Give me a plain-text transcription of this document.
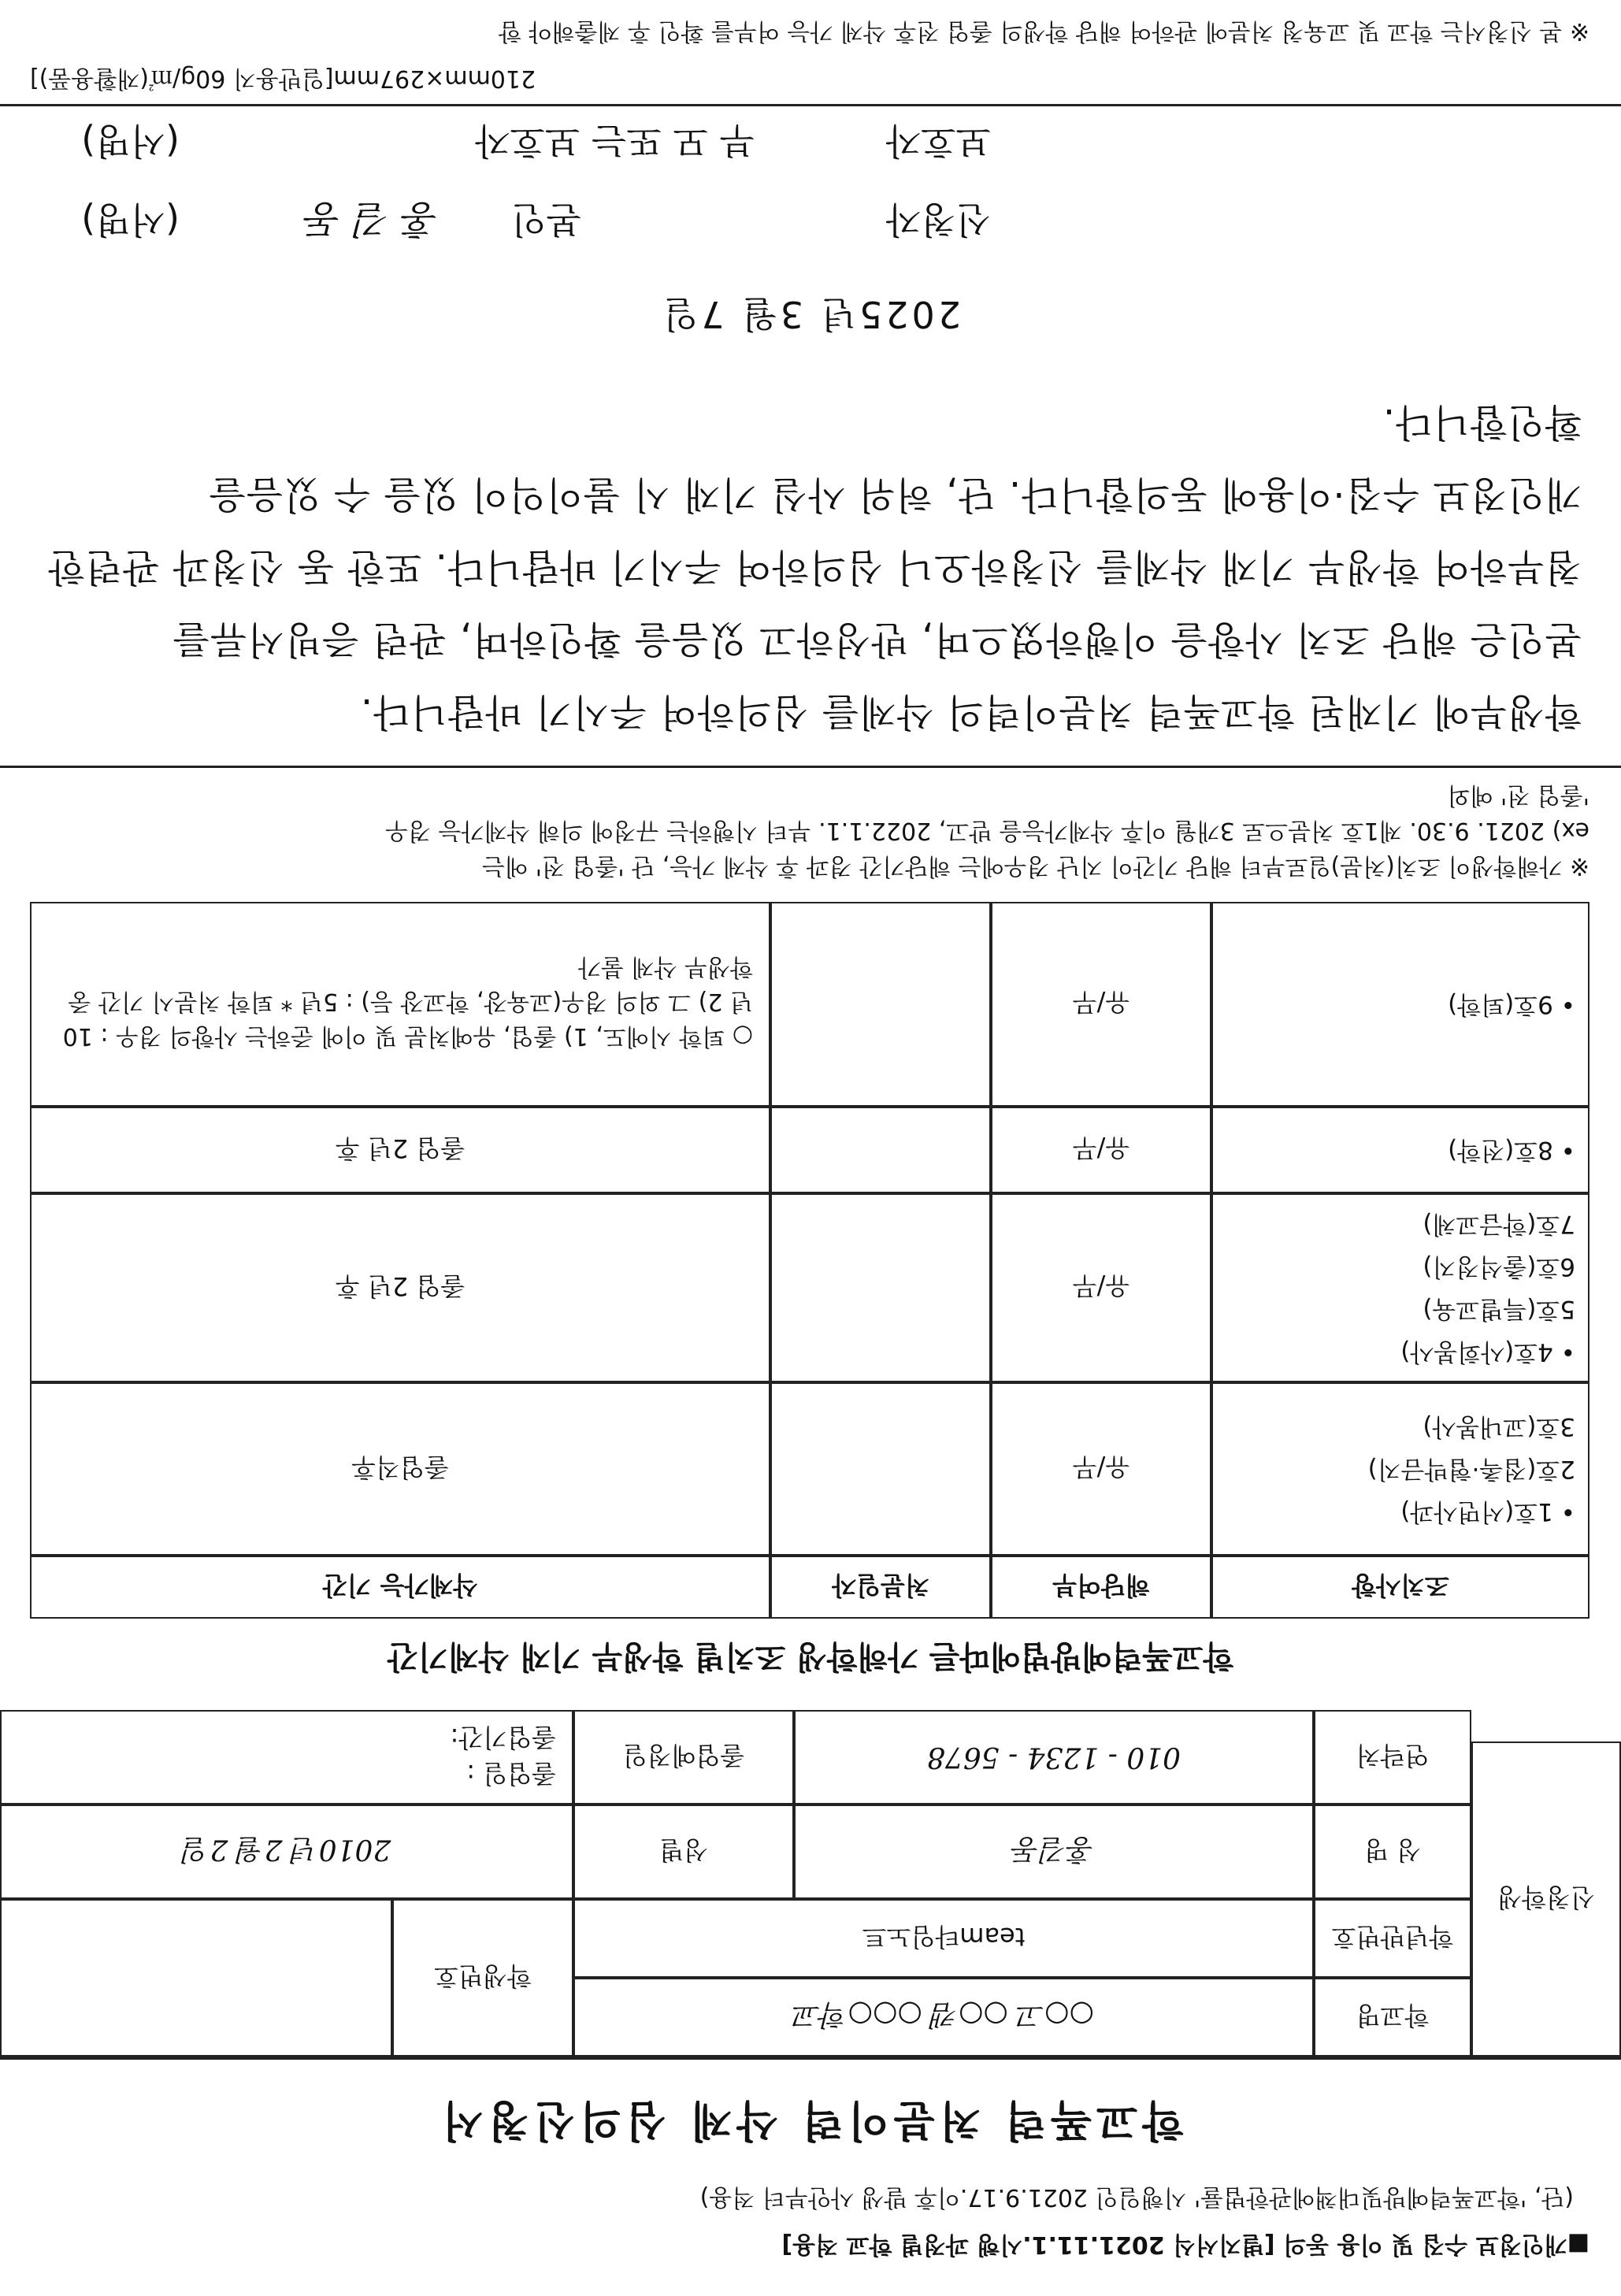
■개인정보 수집 및 이용 동의 [별지서식 2021.11.1.시행 과정별 학교 적용]
(단, '학교폭력예방및대책에관한법률' 시행일인 2021.9.17.이후 발생 사안부터 적용)
학교폭력 처분이력 삭제 심의신청서
신청학생
학교명
○○고 ○○캠 ○○○학교
학생번호
학년반번호
team타임노트
성 명
홍길동
성별
2010년 2월 2일
연락처
010 - 1234 - 5678
졸업예정일
졸업일 :
졸업기간:
학교폭력예방법에따른 가해학생 조치별 학생부 기재 삭제기간
조치사항
해당여부
처분일자
삭제가능 기간
• 1호(서면사과)
2호(접촉·협박금지)
3호(교내봉사)
유/무
졸업직후
• 4호(사회봉사)
5호(특별교육)
6호(출석정지)
7호(학급교체)
유/무
졸업 2년 후
• 8호(전학)
유/무
졸업 2년 후
• 9호(퇴학)
유/무
○ 퇴학 시에도, 1) 졸업, 유예처분 및 이에 준하는 사항의 경우 : 10년 2) 그 외의 경우(교육장, 학교장 등) : 5년 * 퇴학 처분시 기간 중 학생부 삭제 불가
※ 가해학생이 조치(처분)일로부터 해당 기간이 지난 경우에는 해당기간 경과 후 삭제 가능, 단 '졸업 전' 에는
ex) 2021. 9.30. 제1호 처분으로 3개월 이후 삭제가능을 받고, 2022.1.1. 부터 시행하는 규정에 의해 삭제가능 경우
'졸업 전' 예외
학생부에 기재된 학교폭력 처분이력의 삭제를 심의하여 주시기 바랍니다.
본인은 해당 조치 사항을 이행하였으며, 반성하고 있음을 확인하며, 관련 증빙서류를
첨부하여 학생부 기재 삭제를 신청하오니 심의하여 주시기 바랍니다. 또한 동 신청과 관련한
개인정보 수집·이용에 동의합니다. 단, 허위 사실 기재 시 불이익이 있을 수 있음을
확인합니다.
2025년 3월 7일
신청자
본인
홍 길 동
(서명)
보호자
부 모 또는 보호자
(서명)
210mm×297mm[일반용지 60g/㎡(재활용품)]
※ 본 신청서는 학교 및 교육청 처분에 관하여 해당 학생의 졸업 전후 삭제 가능 여부를 확인 후 제출해야 함
